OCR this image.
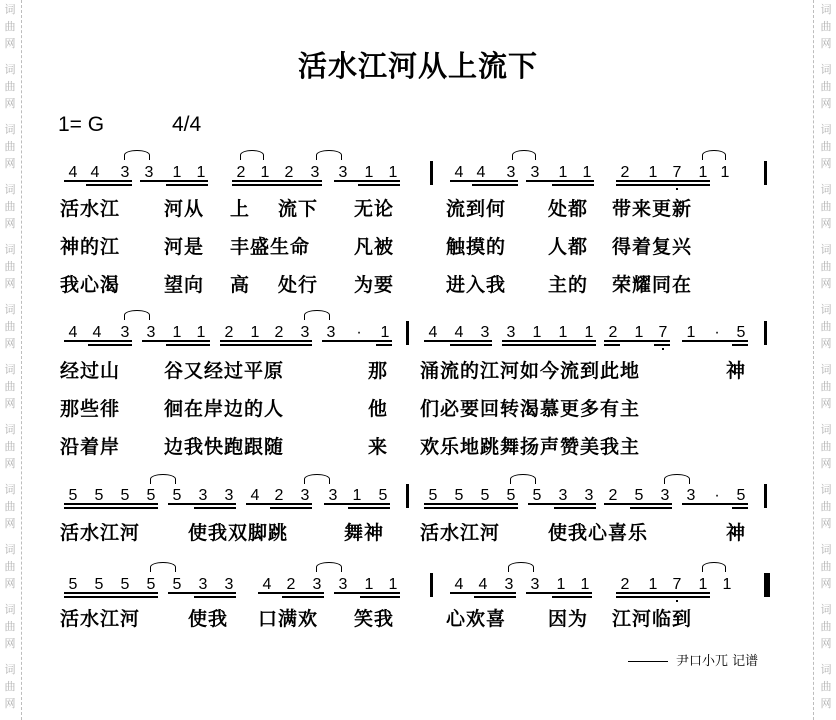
词
曲
网
词
曲
网
词
曲
网
词
曲
网
词
曲
网
词
曲
网
词
曲
网
词
曲
网
词
曲
网
词
曲
网
词
曲
网
词
曲
网
词
曲
网
词
曲
网
词
曲
网
词
曲
网
词
曲
网
词
曲
网
词
曲
网
词
曲
网
词
曲
网
词
曲
网
词
曲
网
词
曲
网
活水江河从上流下
1= G	4/4
4 4 3 3 1 1 2 1 2 3 3 1 1	4 4 3 3 1 1 2 1 7 1 1
活水江 河从 上 流下 无论	流到何 处都 带来更新
神的江 河是 丰盛生命 凡被	触摸的 人都 得着复兴
我心渴 望向 高 处行 为要	进入我 主的 荣耀同在
4 4 3 3 1 1 2 1 2 3 3 · 1 4 4 3 3 1 1 1 2 1 7 1 · 5
经过山 谷又经过平原	那 涌流的江河如今流到此地	神
那些徘 徊在岸边的人	他 们必要回转渴慕更多有主
沿着岸 边我快跑跟随	来 欢乐地跳舞扬声赞美我主
5 5 5 5 5 3 3 4 2 3 3 1 5	5 5 5 5 5 3 3 2 5 3 3 · 5
活水江河	使我双脚跳	舞神 活水江河	使我心喜乐	神
5 5 5 5 5 3 3 4 2 3 3 1 1	4 4 3 3 1 1 2 1 7 1 1
活水江河	使我 口满欢 笑我	心欢喜 因为 江河临到
尹口小兀 记谱
